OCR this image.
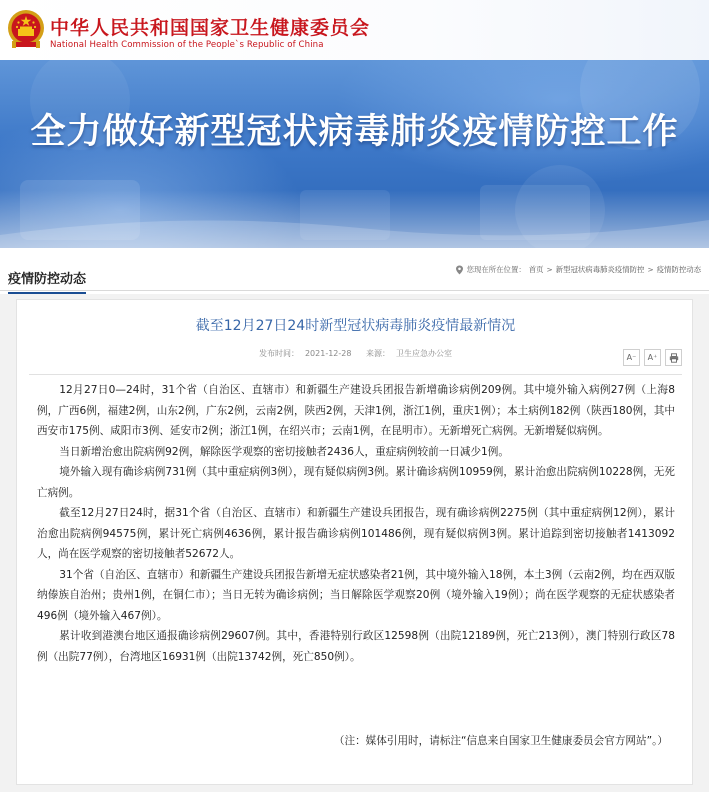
中华人民共和国国家卫生健康委员会
National Health Commission of the People`s Republic of China
全力做好新型冠状病毒肺炎疫情防控工作
疫情防控动态
您现在所在位置： 首页 > 新型冠状病毒肺炎疫情防控 > 疫情防控动态
截至12月27日24时新型冠状病毒肺炎疫情最新情况
发布时间： 2021-12-28 来源： 卫生应急办公室	A⁻	A⁺

12月27日0—24时，31个省（自治区、直辖市）和新疆生产建设兵团报告新增确诊病例209例。其中境外输入病例27例（上海8例，广西6例，福建2例，山东2例，广东2例，云南2例，陕西2例，天津1例，浙江1例，重庆1例）；本土病例182例（陕西180例，其中西安市175例、咸阳市3例、延安市2例；浙江1例，在绍兴市；云南1例，在昆明市）。无新增死亡病例。无新增疑似病例。

当日新增治愈出院病例92例，解除医学观察的密切接触者2436人，重症病例较前一日减少1例。

境外输入现有确诊病例731例（其中重症病例3例），现有疑似病例3例。累计确诊病例10959例，累计治愈出院病例10228例，无死亡病例。

截至12月27日24时，据31个省（自治区、直辖市）和新疆生产建设兵团报告，现有确诊病例2275例（其中重症病例12例），累计治愈出院病例94575例，累计死亡病例4636例，累计报告确诊病例101486例，现有疑似病例3例。累计追踪到密切接触者1413092人，尚在医学观察的密切接触者52672人。

31个省（自治区、直辖市）和新疆生产建设兵团报告新增无症状感染者21例，其中境外输入18例，本土3例（云南2例，均在西双版纳傣族自治州；贵州1例，在铜仁市）；当日无转为确诊病例；当日解除医学观察20例（境外输入19例）；尚在医学观察的无症状感染者496例（境外输入467例）。

累计收到港澳台地区通报确诊病例29607例。其中，香港特别行政区12598例（出院12189例，死亡213例），澳门特别行政区78例（出院77例），台湾地区16931例（出院13742例，死亡850例）。

（注：媒体引用时，请标注“信息来自国家卫生健康委员会官方网站”。）
